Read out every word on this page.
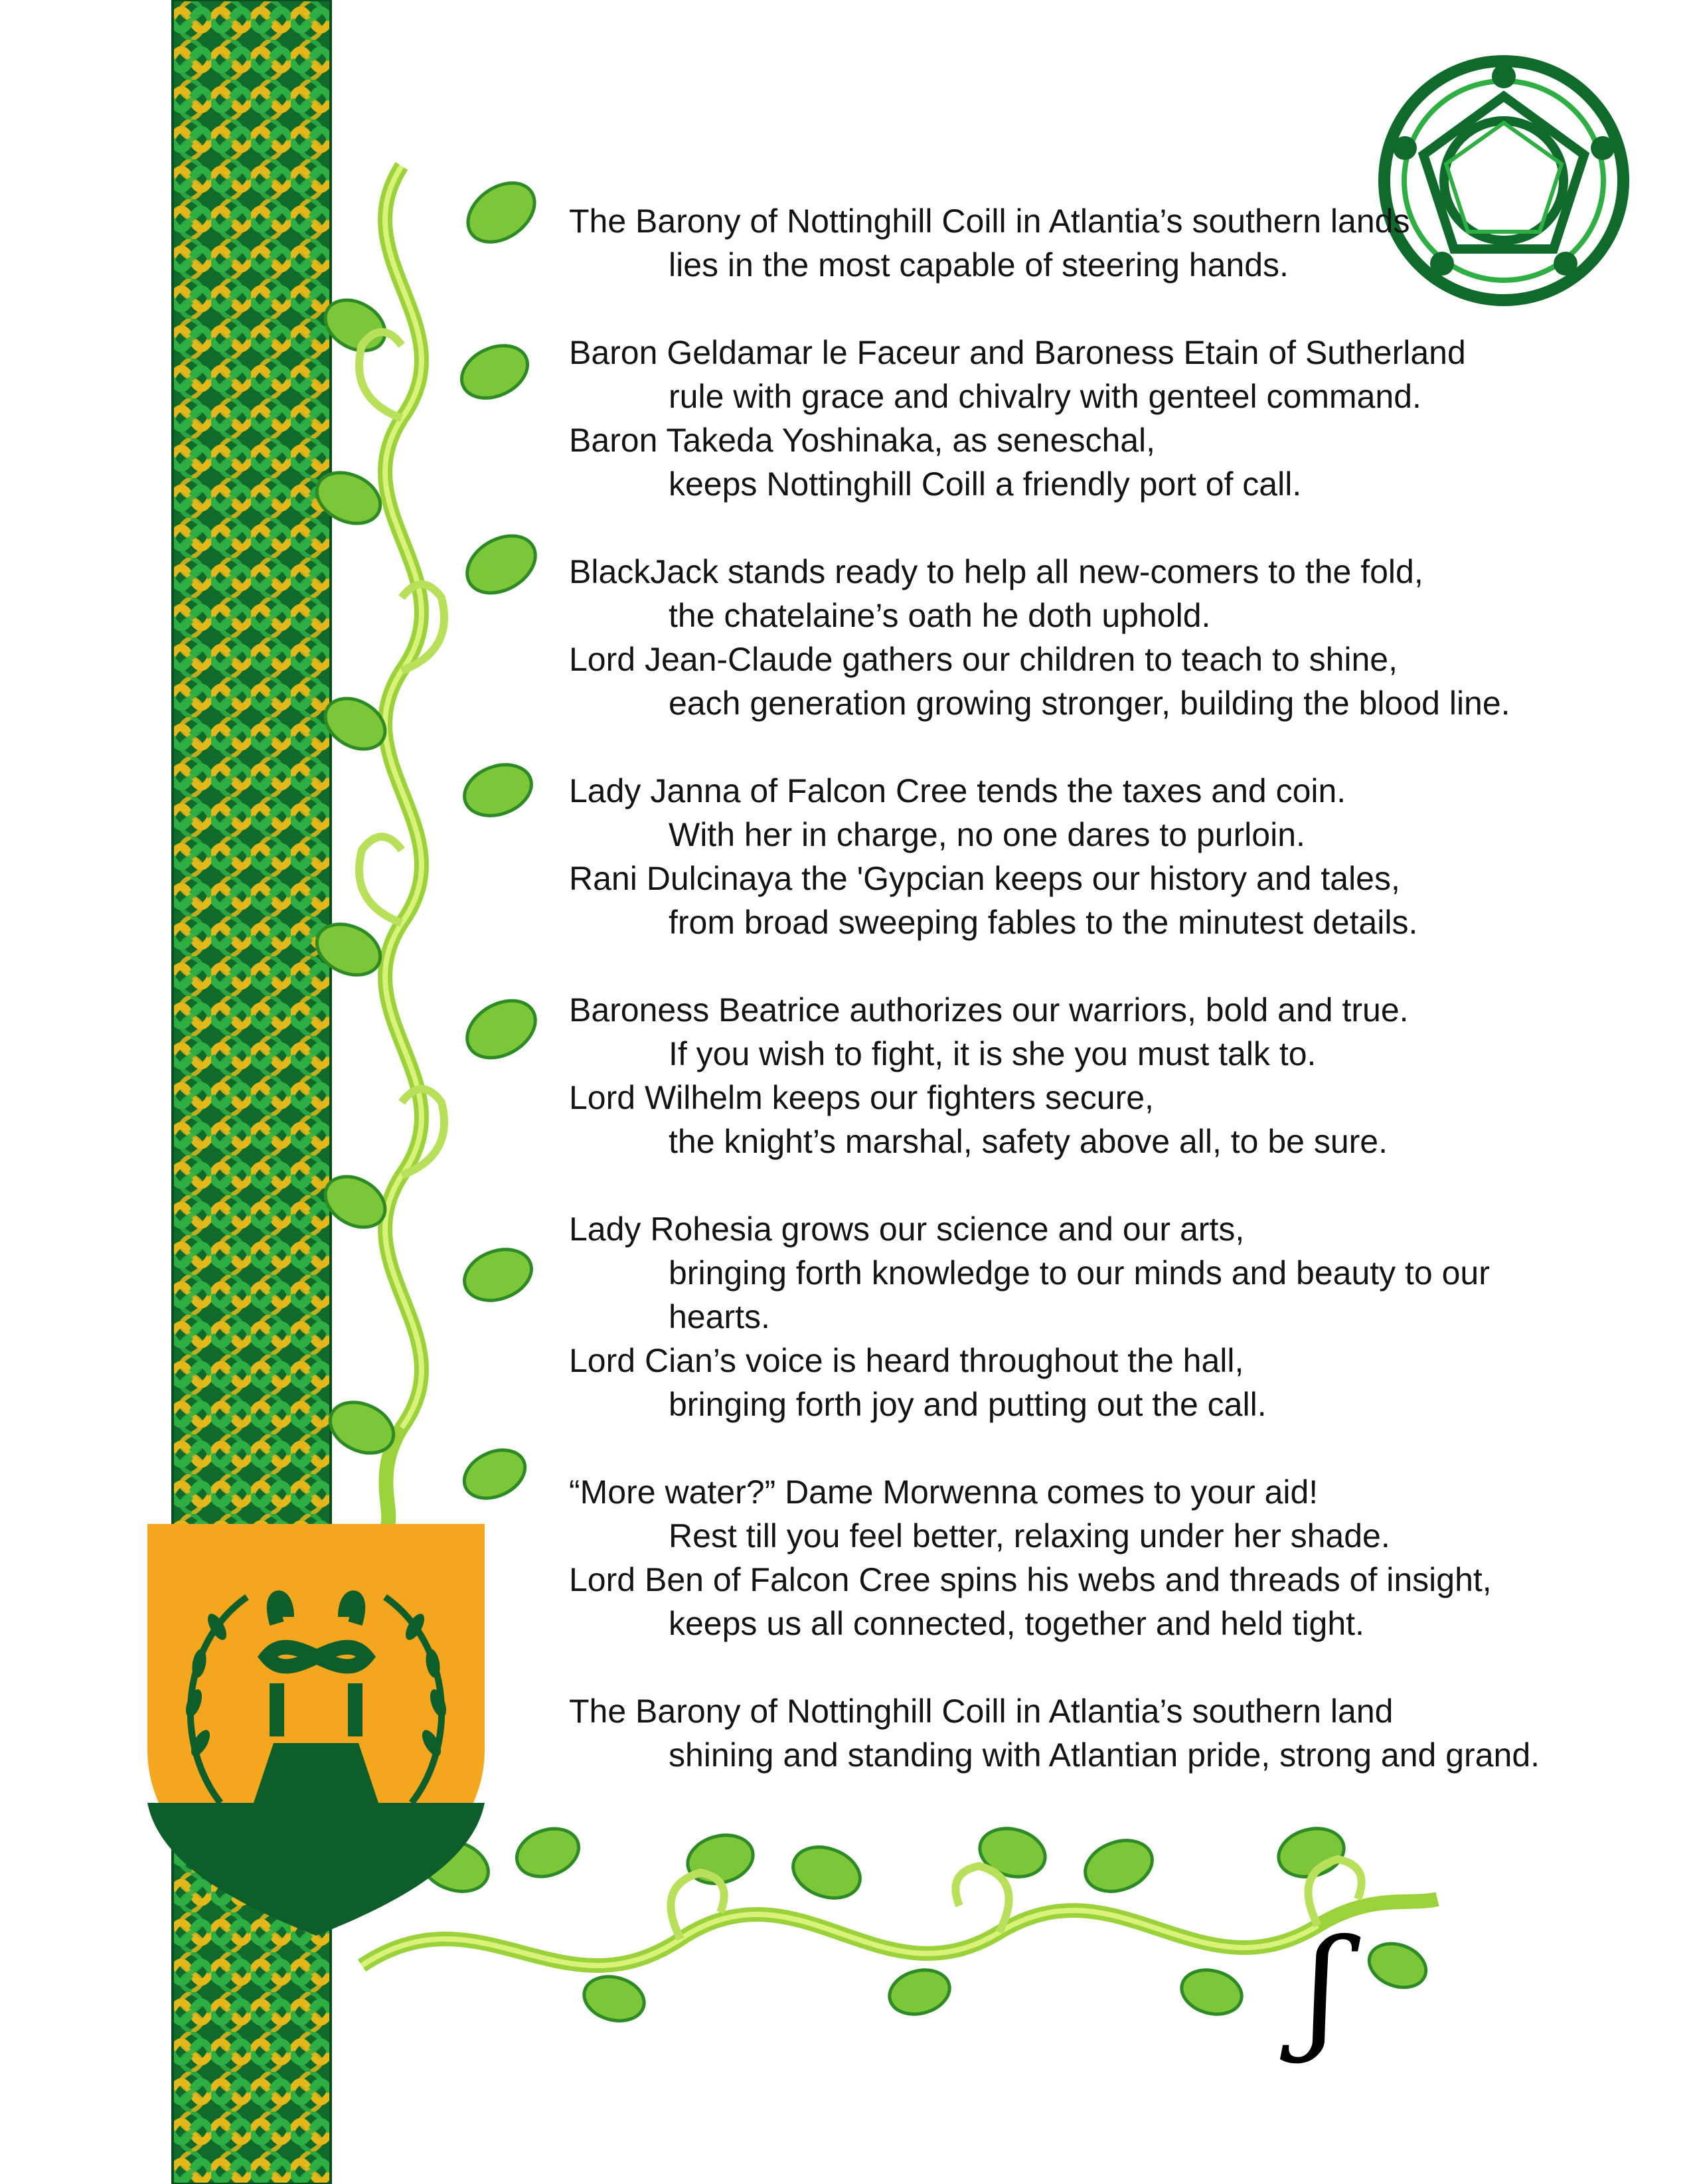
ʃ
The Barony of Nottinghill Coill in Atlantia’s southern lands
lies in the most capable of steering hands.
Baron Geldamar le Faceur and Baroness Etain of Sutherland
rule with grace and chivalry with genteel command.
Baron Takeda Yoshinaka, as seneschal,
keeps Nottinghill Coill a friendly port of call.
BlackJack stands ready to help all new-comers to the fold,
the chatelaine’s oath he doth uphold.
Lord Jean-Claude gathers our children to teach to shine,
each generation growing stronger, building the blood line.
Lady Janna of Falcon Cree tends the taxes and coin.
With her in charge, no one dares to purloin.
Rani Dulcinaya the 'Gypcian keeps our history and tales,
from broad sweeping fables to the minutest details.
Baroness Beatrice authorizes our warriors, bold and true.
If you wish to fight, it is she you must talk to.
Lord Wilhelm keeps our fighters secure,
the knight’s marshal, safety above all, to be sure.
Lady Rohesia grows our science and our arts,
bringing forth knowledge to our minds and beauty to our hearts.
Lord Cian’s voice is heard throughout the hall,
bringing forth joy and putting out the call.
“More water?” Dame Morwenna comes to your aid!
Rest till you feel better, relaxing under her shade.
Lord Ben of Falcon Cree spins his webs and threads of insight,
keeps us all connected, together and held tight.
The Barony of Nottinghill Coill in Atlantia’s southern land
shining and standing with Atlantian pride, strong and grand.
